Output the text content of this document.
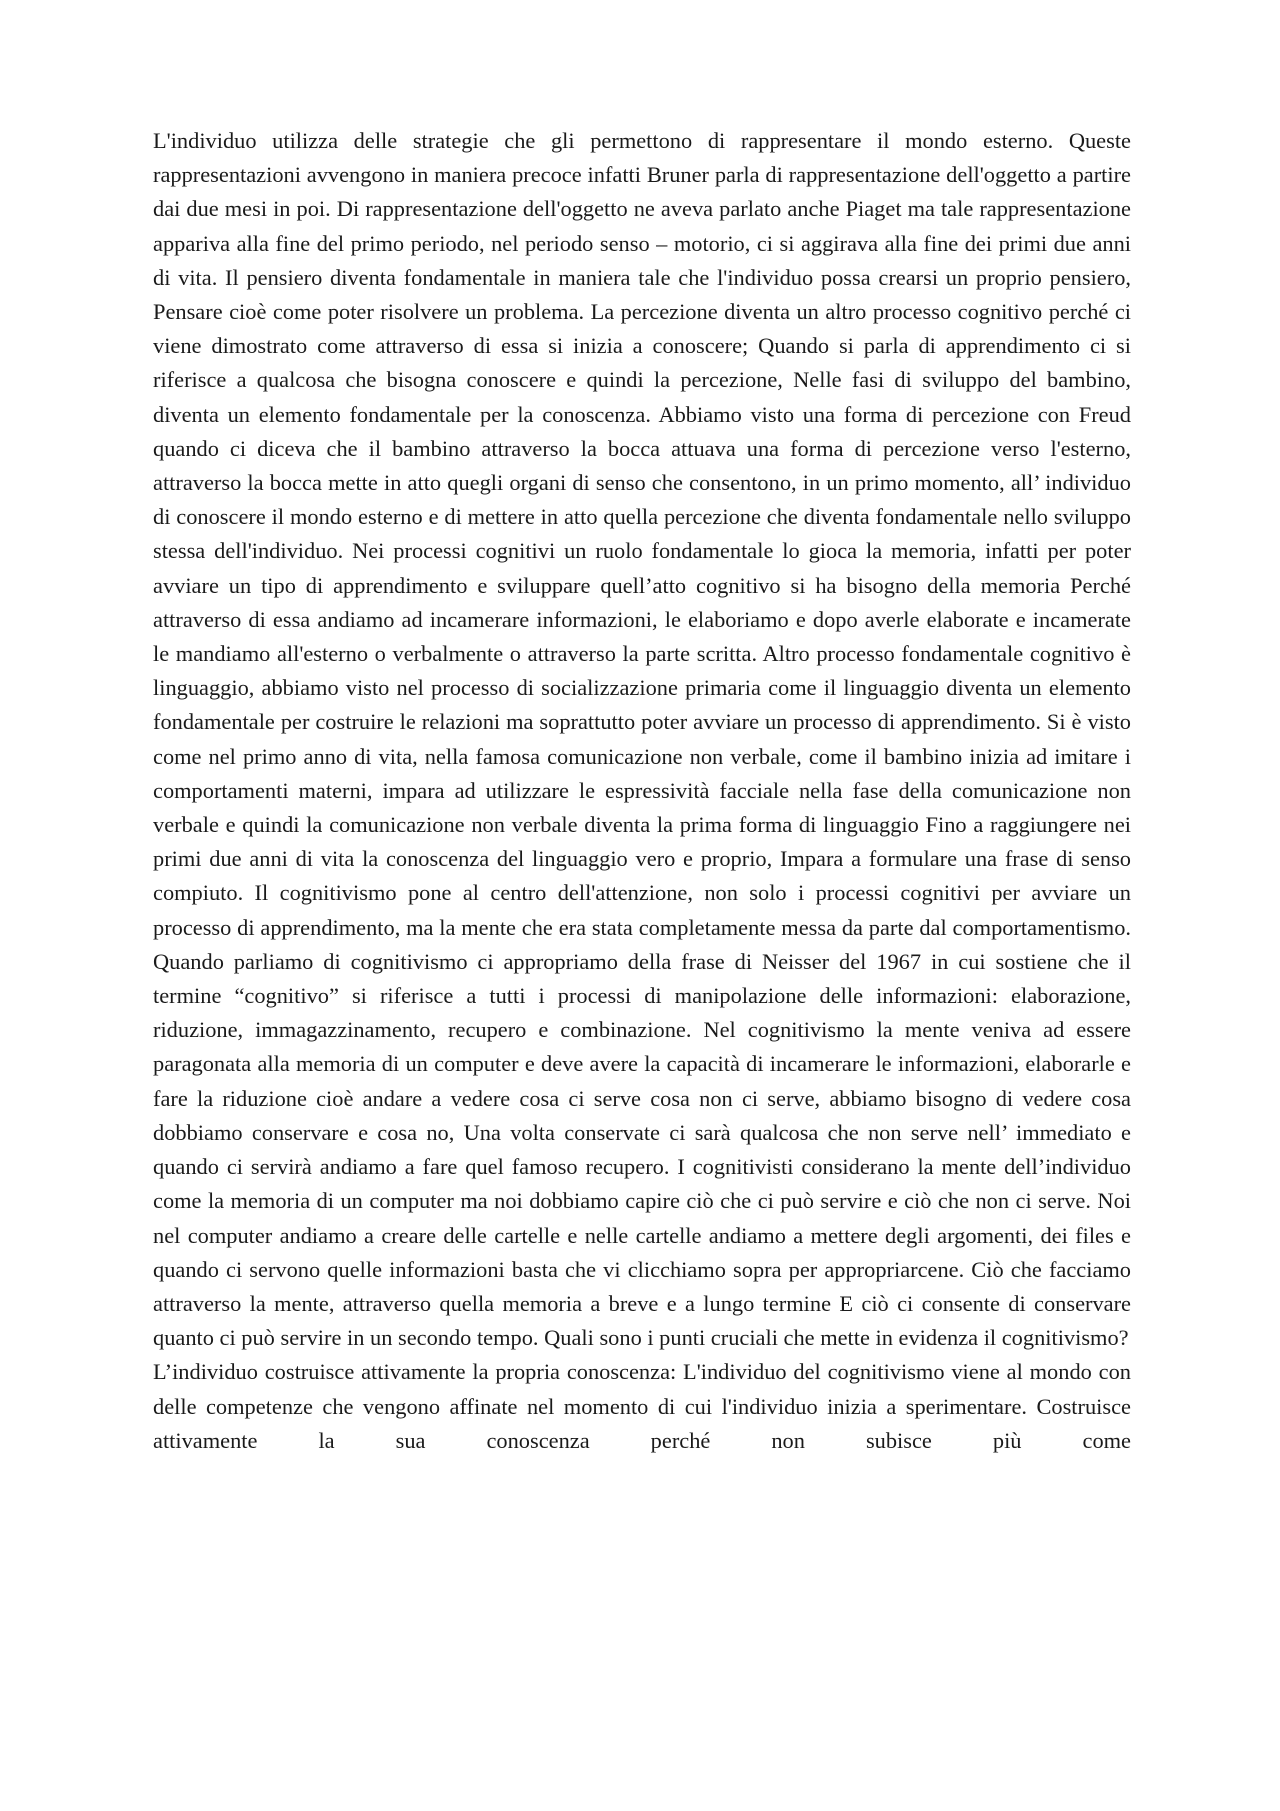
L'individuo utilizza delle strategie che gli permettono di rappresentare il mondo esterno. Queste rappresentazioni avvengono in maniera precoce infatti Bruner parla di rappresentazione dell'oggetto a partire dai due mesi in poi. Di rappresentazione dell'oggetto ne aveva parlato anche Piaget ma tale rappresentazione appariva alla fine del primo periodo, nel periodo senso – motorio, ci si aggirava alla fine dei primi due anni di vita. Il pensiero diventa fondamentale in maniera tale che l'individuo possa crearsi un proprio pensiero, Pensare cioè come poter risolvere un problema. La percezione diventa un altro processo cognitivo perché ci viene dimostrato come attraverso di essa si inizia a conoscere; Quando si parla di apprendimento ci si riferisce a qualcosa che bisogna conoscere e quindi la percezione, Nelle fasi di sviluppo del bambino, diventa un elemento fondamentale per la conoscenza. Abbiamo visto una forma di percezione con Freud quando ci diceva che il bambino attraverso la bocca attuava una forma di percezione verso l'esterno, attraverso la bocca mette in atto quegli organi di senso che consentono, in un primo momento, all’ individuo di conoscere il mondo esterno e di mettere in atto quella percezione che diventa fondamentale nello sviluppo stessa dell'individuo. Nei processi cognitivi un ruolo fondamentale lo gioca la memoria, infatti per poter avviare un tipo di apprendimento e sviluppare quell’atto cognitivo si ha bisogno della memoria Perché attraverso di essa andiamo ad incamerare informazioni, le elaboriamo e dopo averle elaborate e incamerate le mandiamo all'esterno o verbalmente o attraverso la parte scritta. Altro processo fondamentale cognitivo è linguaggio, abbiamo visto nel processo di socializzazione primaria come il linguaggio diventa un elemento fondamentale per costruire le relazioni ma soprattutto poter avviare un processo di apprendimento. Si è visto come nel primo anno di vita, nella famosa comunicazione non verbale, come il bambino inizia ad imitare i comportamenti materni, impara ad utilizzare le espressività facciale nella fase della comunicazione non verbale e quindi la comunicazione non verbale diventa la prima forma di linguaggio Fino a raggiungere nei primi due anni di vita la conoscenza del linguaggio vero e proprio, Impara a formulare una frase di senso compiuto. Il cognitivismo pone al centro dell'attenzione, non solo i processi cognitivi per avviare un processo di apprendimento, ma la mente che era stata completamente messa da parte dal comportamentismo. Quando parliamo di cognitivismo ci appropriamo della frase di Neisser del 1967 in cui sostiene che il termine “cognitivo” si riferisce a tutti i processi di manipolazione delle informazioni: elaborazione, riduzione, immagazzinamento, recupero e combinazione. Nel cognitivismo la mente veniva ad essere paragonata alla memoria di un computer e deve avere la capacità di incamerare le informazioni, elaborarle e fare la riduzione cioè andare a vedere cosa ci serve cosa non ci serve, abbiamo bisogno di vedere cosa dobbiamo conservare e cosa no, Una volta conservate ci sarà qualcosa che non serve nell’ immediato e quando ci servirà andiamo a fare quel famoso recupero. I cognitivisti considerano la mente dell’individuo come la memoria di un computer ma noi dobbiamo capire ciò che ci può servire e ciò che non ci serve. Noi nel computer andiamo a creare delle cartelle e nelle cartelle andiamo a mettere degli argomenti, dei files e quando ci servono quelle informazioni basta che vi clicchiamo sopra per appropriarcene. Ciò che facciamo attraverso la mente, attraverso quella memoria a breve e a lungo termine E ciò ci consente di conservare quanto ci può servire in un secondo tempo. Quali sono i punti cruciali che mette in evidenza il cognitivismo?

L’individuo costruisce attivamente la propria conoscenza: L'individuo del cognitivismo viene al mondo con delle competenze che vengono affinate nel momento di cui l'individuo inizia a sperimentare. Costruisce attivamente la sua conoscenza perché non subisce più come
